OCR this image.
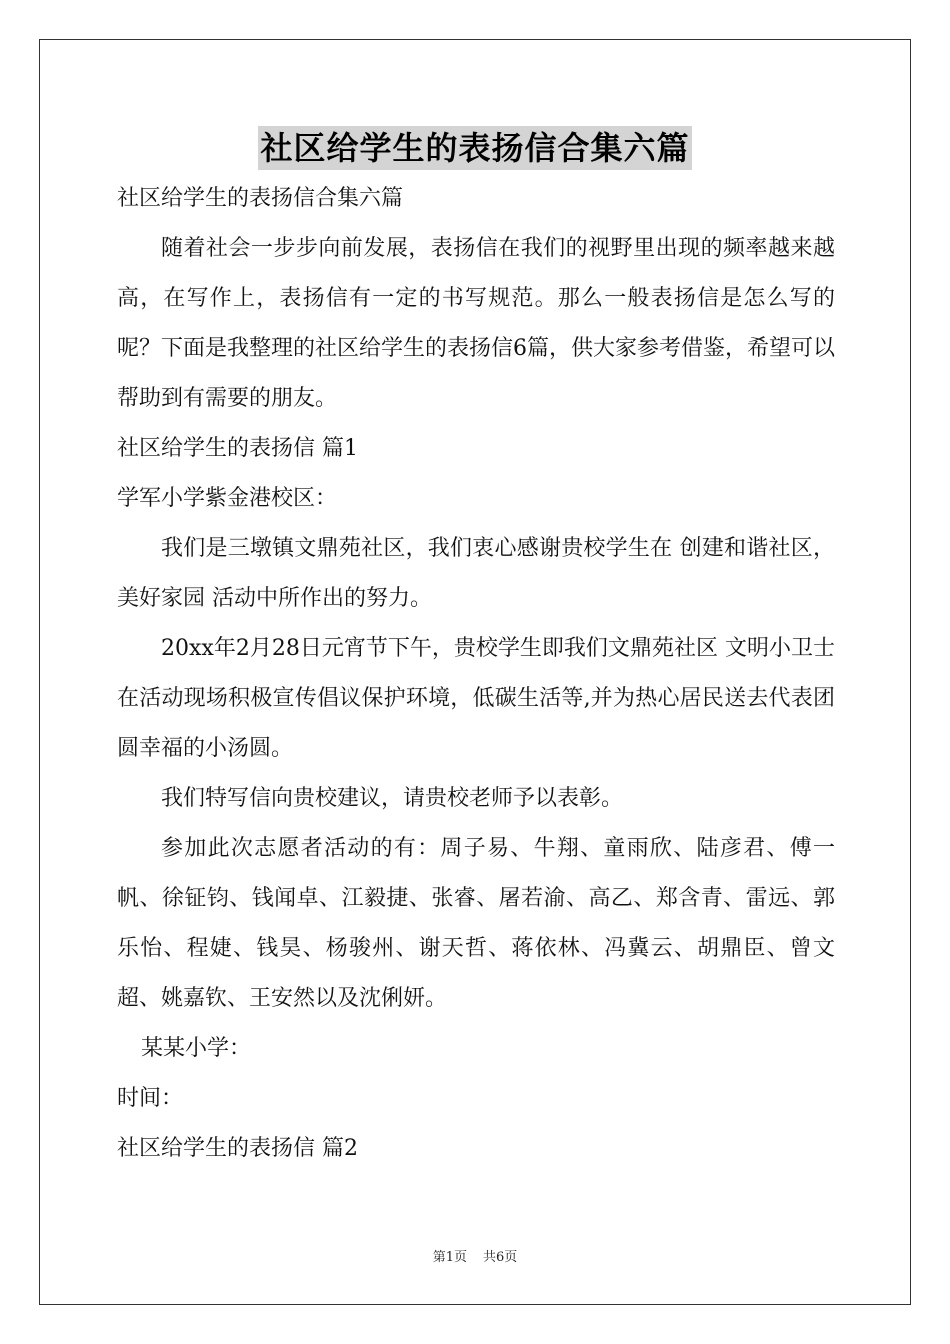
社区给学生的表扬信合集六篇
社区给学生的表扬信合集六篇
随着社会一步步向前发展，表扬信在我们的视野里出现的频率越来越高，在写作上，表扬信有一定的书写规范。那么一般表扬信是怎么写的呢？下面是我整理的社区给学生的表扬信6篇，供大家参考借鉴，希望可以帮助到有需要的朋友。
社区给学生的表扬信 篇1
学军小学紫金港校区：
我们是三墩镇文鼎苑社区，我们衷心感谢贵校学生在 创建和谐社区，美好家园 活动中所作出的努力。
20xx年2月28日元宵节下午，贵校学生即我们文鼎苑社区 文明小卫士 在活动现场积极宣传倡议保护环境，低碳生活等,并为热心居民送去代表团圆幸福的小汤圆。
我们特写信向贵校建议，请贵校老师予以表彰。
参加此次志愿者活动的有：周子易、牛翔、童雨欣、陆彦君、傅一帆、徐钲钧、钱闻卓、江毅捷、张睿、屠若渝、高乙、郑含青、雷远、郭乐怡、程婕、钱昊、杨骏州、谢天哲、蒋依林、冯冀云、胡鼎臣、曾文超、姚嘉钦、王安然以及沈俐妍。
某某小学：
时间：
社区给学生的表扬信 篇2
第1页 共6页
